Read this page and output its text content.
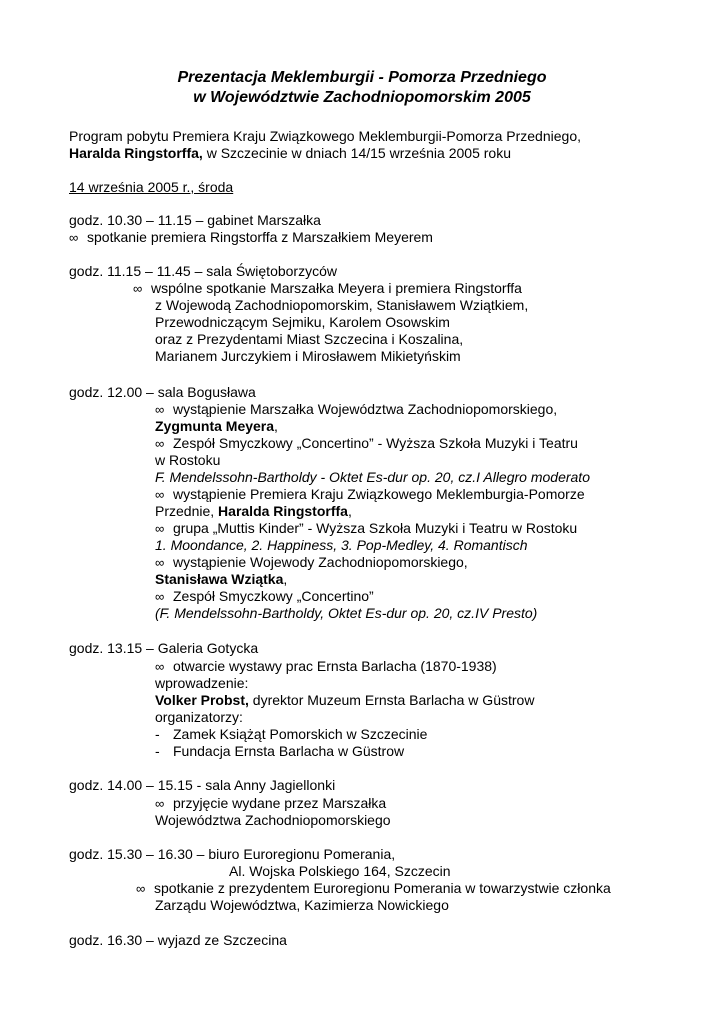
Prezentacja Meklemburgii - Pomorza Przedniego
w Województwie Zachodniopomorskim 2005
Program pobytu Premiera Kraju Związkowego Meklemburgii-Pomorza Przedniego,
Haralda Ringstorffa, w Szczecinie w dniach 14/15 września 2005 roku
14 września 2005 r., środa
godz. 10.30 – 11.15 – gabinet Marszałka
∞ spotkanie premiera Ringstorffa z Marszałkiem Meyerem
godz. 11.15 – 11.45 – sala Świętoborzyców
∞ wspólne spotkanie Marszałka Meyera i premiera Ringstorffa
z Wojewodą Zachodniopomorskim, Stanisławem Wziątkiem,
Przewodniczącym Sejmiku, Karolem Osowskim
oraz z Prezydentami Miast Szczecina i Koszalina,
Marianem Jurczykiem i Mirosławem Mikietyńskim
godz. 12.00 – sala Bogusława
∞ wystąpienie Marszałka Województwa Zachodniopomorskiego,
Zygmunta Meyera,
∞ Zespół Smyczkowy „Concertino” - Wyższa Szkoła Muzyki i Teatru
w Rostoku
F. Mendelssohn-Bartholdy - Oktet Es-dur op. 20, cz.I Allegro moderato
∞ wystąpienie Premiera Kraju Związkowego Meklemburgia-Pomorze
Przednie, Haralda Ringstorffa,
∞ grupa „Muttis Kinder” - Wyższa Szkoła Muzyki i Teatru w Rostoku
1. Moondance, 2. Happiness, 3. Pop-Medley, 4. Romantisch
∞ wystąpienie Wojewody Zachodniopomorskiego,
Stanisława Wziątka,
∞ Zespół Smyczkowy „Concertino”
(F. Mendelssohn-Bartholdy, Oktet Es-dur op. 20, cz.IV Presto)
godz. 13.15 – Galeria Gotycka
∞ otwarcie wystawy prac Ernsta Barlacha (1870-1938)
wprowadzenie:
Volker Probst, dyrektor Muzeum Ernsta Barlacha w Güstrow
organizatorzy:
- Zamek Książąt Pomorskich w Szczecinie
- Fundacja Ernsta Barlacha w Güstrow
godz. 14.00 – 15.15 - sala Anny Jagiellonki
∞ przyjęcie wydane przez Marszałka
Województwa Zachodniopomorskiego
godz. 15.30 – 16.30 – biuro Euroregionu Pomerania,
Al. Wojska Polskiego 164, Szczecin
∞ spotkanie z prezydentem Euroregionu Pomerania w towarzystwie członka
Zarządu Województwa, Kazimierza Nowickiego
godz. 16.30 – wyjazd ze Szczecina
